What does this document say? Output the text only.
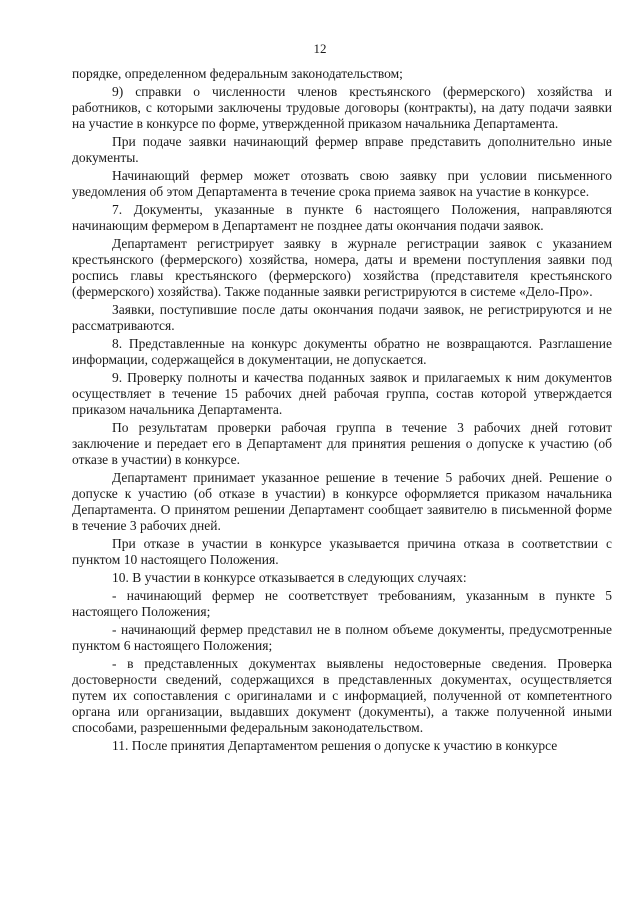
12

порядке, определенном федеральным законодательством;

9) справки о численности членов крестьянского (фермерского) хозяйства и работников, с которыми заключены трудовые договоры (контракты), на дату подачи заявки на участие в конкурсе по форме, утвержденной приказом начальника Департамента.

При подаче заявки начинающий фермер вправе представить дополнительно иные документы.

Начинающий фермер может отозвать свою заявку при условии письменного уведомления об этом Департамента в течение срока приема заявок на участие в конкурсе.

7. Документы, указанные в пункте 6 настоящего Положения, направляются начинающим фермером в Департамент не позднее даты окончания подачи заявок.

Департамент регистрирует заявку в журнале регистрации заявок с указанием крестьянского (фермерского) хозяйства, номера, даты и времени поступления заявки под роспись главы крестьянского (фермерского) хозяйства (представителя крестьянского (фермерского) хозяйства). Также поданные заявки регистрируются в системе «Дело-Про».

Заявки, поступившие после даты окончания подачи заявок, не регистрируются и не рассматриваются.

8. Представленные на конкурс документы обратно не возвращаются. Разглашение информации, содержащейся в документации, не допускается.

9. Проверку полноты и качества поданных заявок и прилагаемых к ним документов осуществляет в течение 15 рабочих дней рабочая группа, состав которой утверждается приказом начальника Департамента.

По результатам проверки рабочая группа в течение 3 рабочих дней готовит заключение и передает его в Департамент для принятия решения о допуске к участию (об отказе в участии) в конкурсе.

Департамент принимает указанное решение в течение 5 рабочих дней. Решение о допуске к участию (об отказе в участии) в конкурсе оформляется приказом начальника Департамента. О принятом решении Департамент сообщает заявителю в письменной форме в течение 3 рабочих дней.

При отказе в участии в конкурсе указывается причина отказа в соответствии с пунктом 10 настоящего Положения.

10. В участии в конкурсе отказывается в следующих случаях:

- начинающий фермер не соответствует требованиям, указанным в пункте 5 настоящего Положения;

- начинающий фермер представил не в полном объеме документы, предусмотренные пунктом 6 настоящего Положения;

- в представленных документах выявлены недостоверные сведения. Проверка достоверности сведений, содержащихся в представленных документах, осуществляется путем их сопоставления с оригиналами и с информацией, полученной от компетентного органа или организации, выдавших документ (документы), а также полученной иными способами, разрешенными федеральным законодательством.

11. После принятия Департаментом решения о допуске к участию в конкурсе
